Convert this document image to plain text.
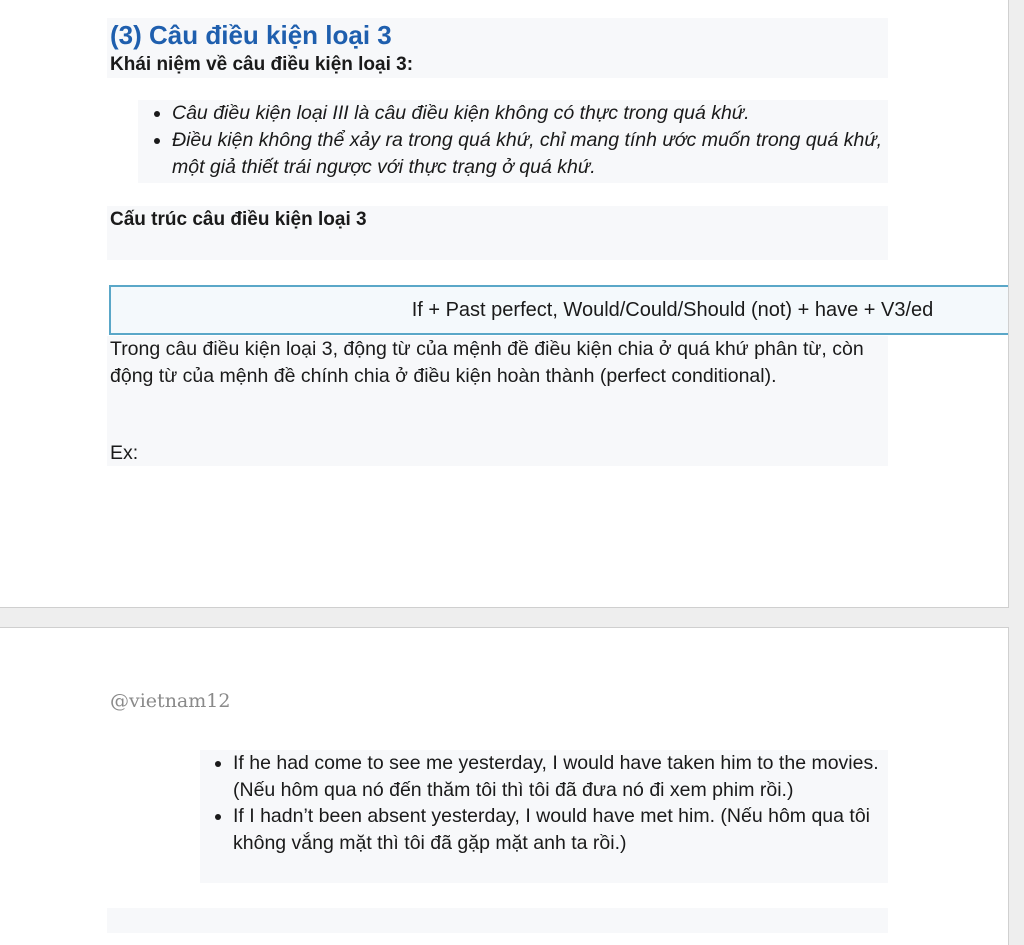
(3) Câu điều kiện loại 3
Khái niệm về câu điều kiện loại 3:
• Câu điều kiện loại III là câu điều kiện không có thực trong quá khứ.
• Điều kiện không thể xảy ra trong quá khứ, chỉ mang tính ước muốn trong quá khứ, một giả thiết trái ngược với thực trạng ở quá khứ.
Cấu trúc câu điều kiện loại 3
If + Past perfect, Would/Could/Should (not) + have + V3/ed

Trong câu điều kiện loại 3, động từ của mệnh đề điều kiện chia ở quá khứ phân từ, còn động từ của mệnh đề chính chia ở điều kiện hoàn thành (perfect conditional).

Ex:
@vietnam12
• If he had come to see me yesterday, I would have taken him to the movies. (Nếu hôm qua nó đến thăm tôi thì tôi đã đưa nó đi xem phim rồi.)
• If I hadn’t been absent yesterday, I would have met him. (Nếu hôm qua tôi không vắng mặt thì tôi đã gặp mặt anh ta rồi.)
